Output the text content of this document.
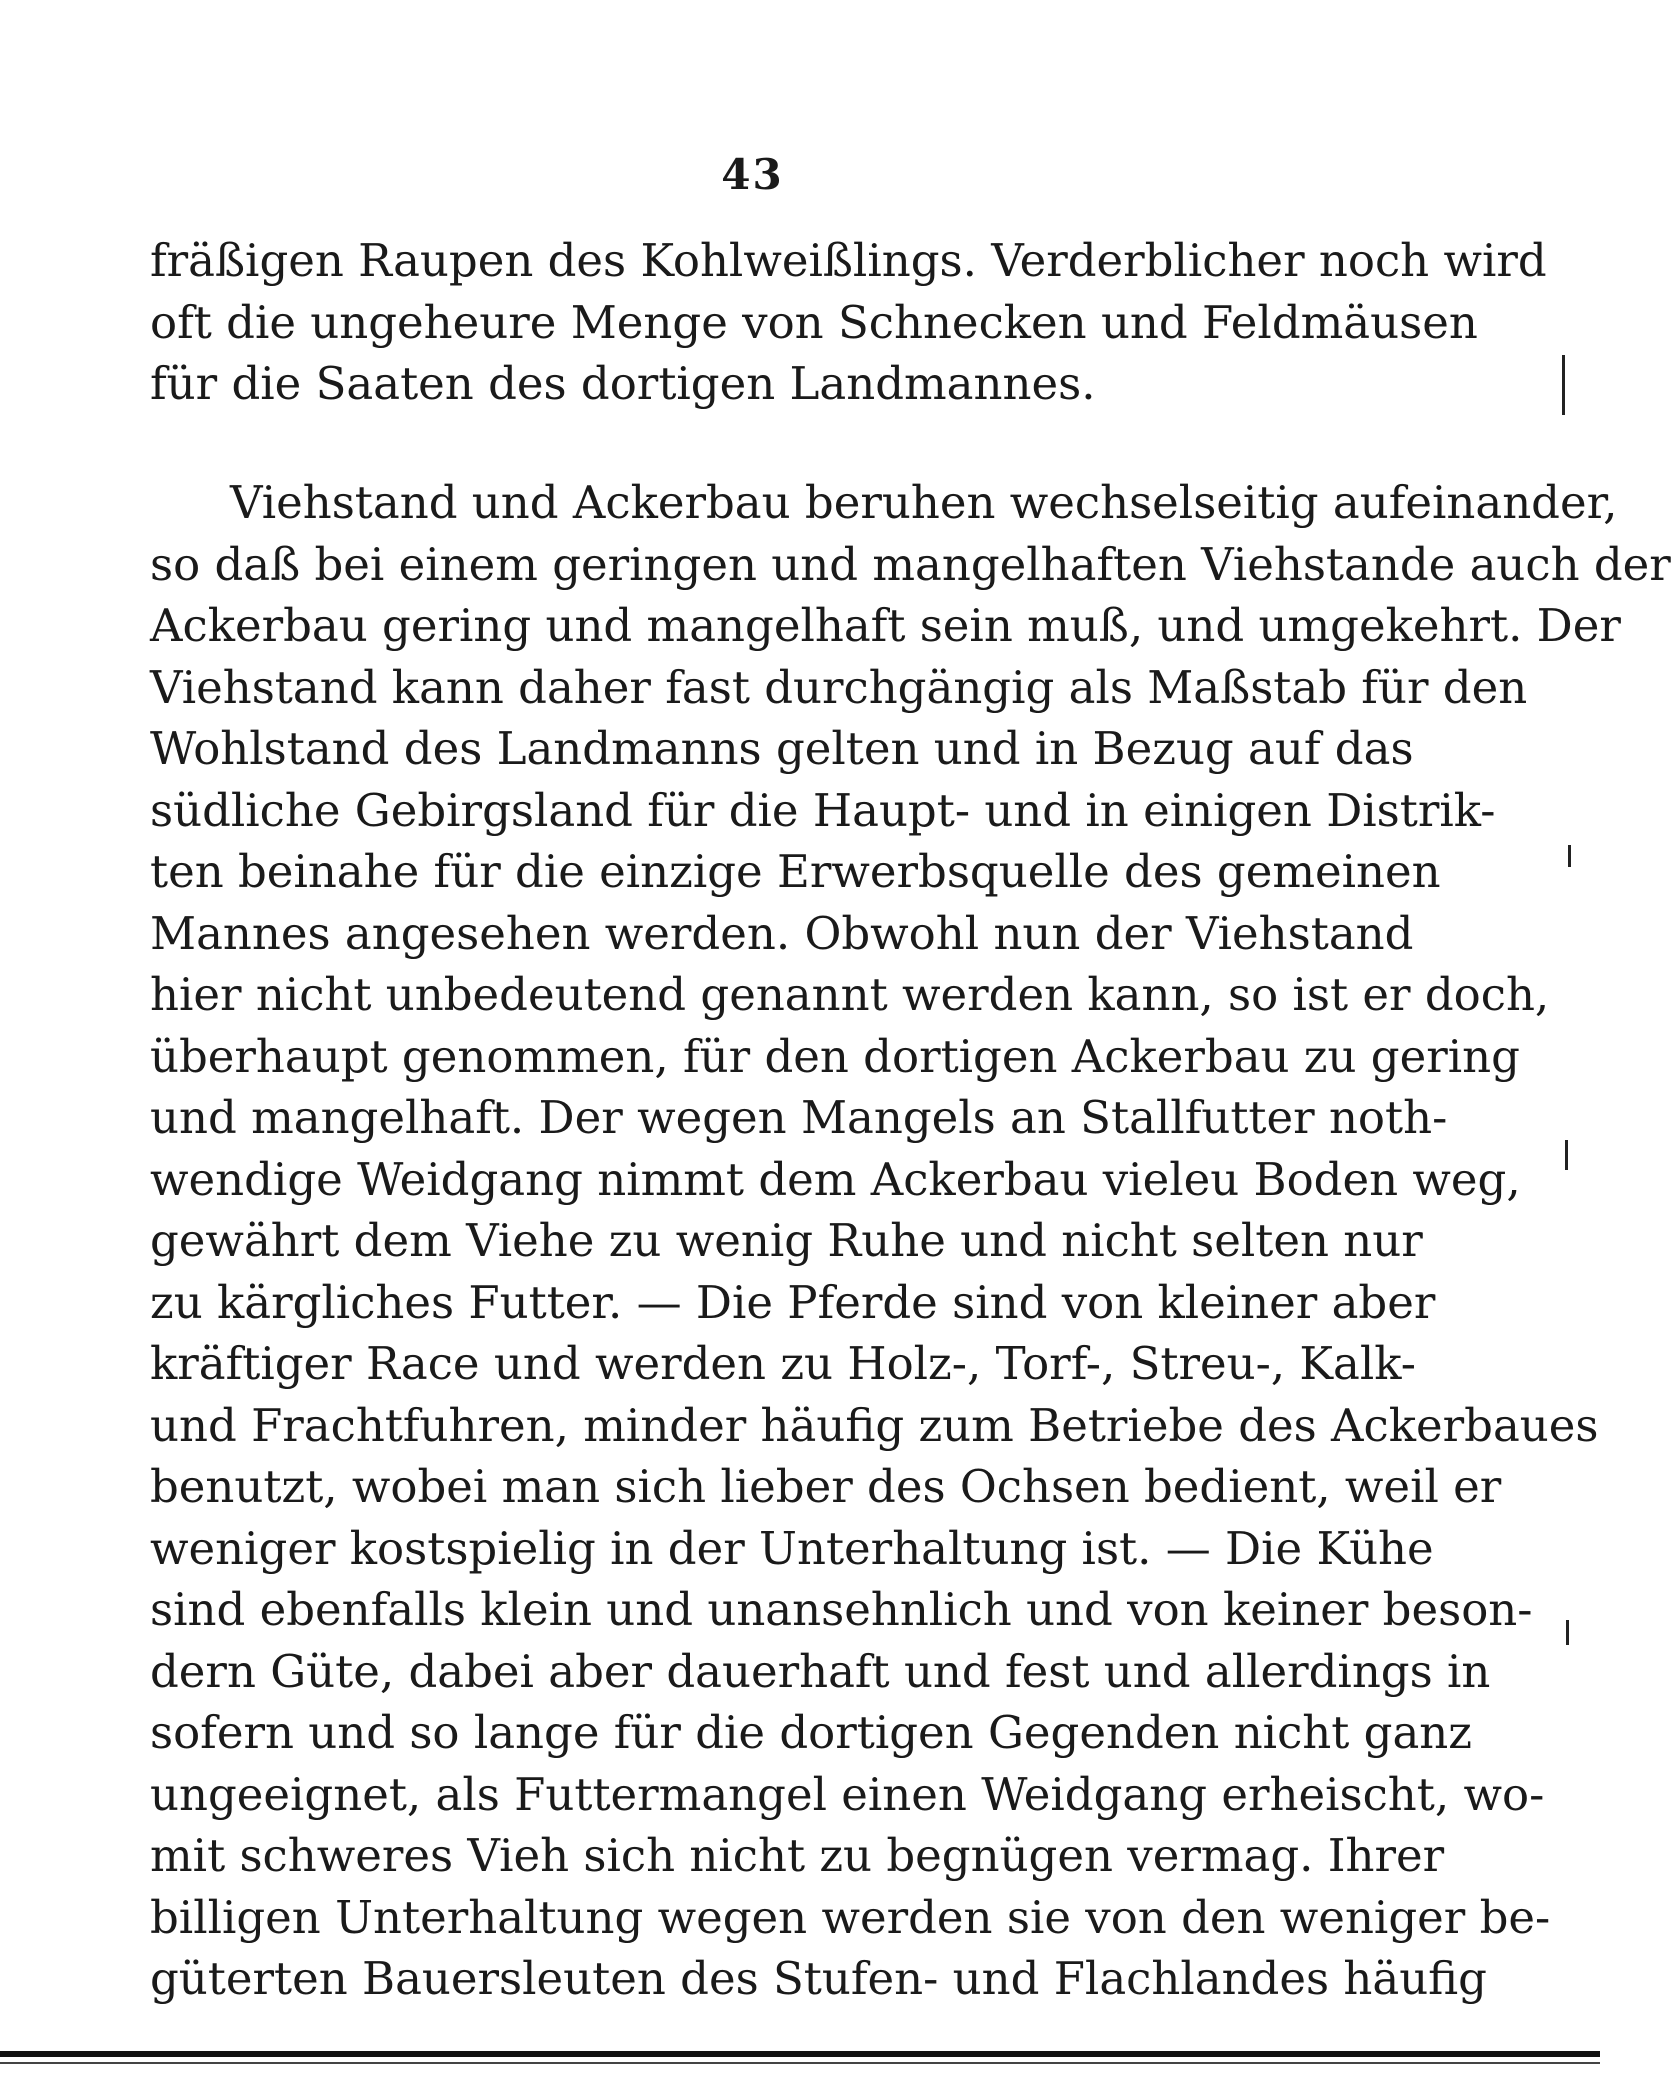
43
fräßigen Raupen des Kohlweißlings. Verderblicher noch wird
oft die ungeheure Menge von Schnecken und Feldmäusen
für die Saaten des dortigen Landmannes.
Viehstand und Ackerbau beruhen wechselseitig aufeinander,
so daß bei einem geringen und mangelhaften Viehstande auch der
Ackerbau gering und mangelhaft sein muß, und umgekehrt. Der
Viehstand kann daher fast durchgängig als Maßstab für den
Wohlstand des Landmanns gelten und in Bezug auf das
südliche Gebirgsland für die Haupt- und in einigen Distrik-
ten beinahe für die einzige Erwerbsquelle des gemeinen
Mannes angesehen werden. Obwohl nun der Viehstand
hier nicht unbedeutend genannt werden kann, so ist er doch,
überhaupt genommen, für den dortigen Ackerbau zu gering
und mangelhaft. Der wegen Mangels an Stallfutter noth-
wendige Weidgang nimmt dem Ackerbau vieleu Boden weg,
gewährt dem Viehe zu wenig Ruhe und nicht selten nur
zu kärgliches Futter. — Die Pferde sind von kleiner aber
kräftiger Race und werden zu Holz-, Torf-, Streu-, Kalk-
und Frachtfuhren, minder häufig zum Betriebe des Ackerbaues
benutzt, wobei man sich lieber des Ochsen bedient, weil er
weniger kostspielig in der Unterhaltung ist. — Die Kühe
sind ebenfalls klein und unansehnlich und von keiner beson-
dern Güte, dabei aber dauerhaft und fest und allerdings in
sofern und so lange für die dortigen Gegenden nicht ganz
ungeeignet, als Futtermangel einen Weidgang erheischt, wo-
mit schweres Vieh sich nicht zu begnügen vermag. Ihrer
billigen Unterhaltung wegen werden sie von den weniger be-
güterten Bauersleuten des Stufen- und Flachlandes häufig
